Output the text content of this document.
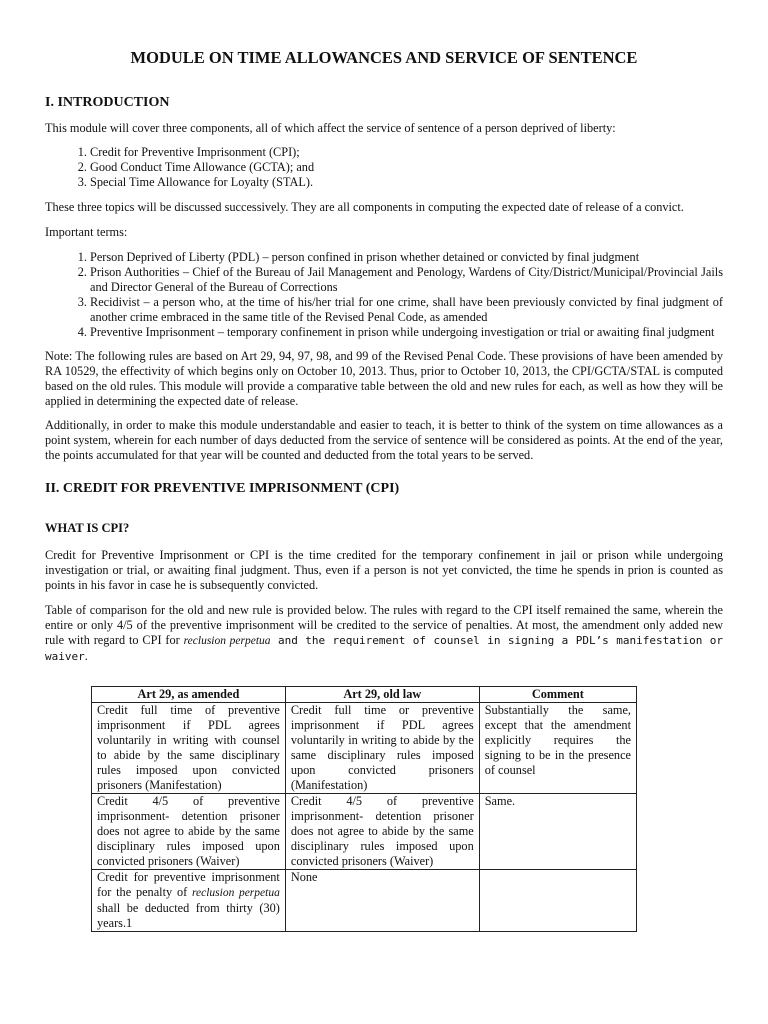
MODULE ON TIME ALLOWANCES AND SERVICE OF SENTENCE
I. INTRODUCTION

This module will cover three components, all of which affect the service of sentence of a person deprived of liberty:

1. Credit for Preventive Imprisonment (CPI);
2. Good Conduct Time Allowance (GCTA); and
3. Special Time Allowance for Loyalty (STAL).

These three topics will be discussed successively. They are all components in computing the expected date of release of a convict.

Important terms:

1. Person Deprived of Liberty (PDL) – person confined in prison whether detained or convicted by final judgment
2. Prison Authorities – Chief of the Bureau of Jail Management and Penology, Wardens of City/District/Municipal/Provincial Jails and Director General of the Bureau of Corrections
3. Recidivist – a person who, at the time of his/her trial for one crime, shall have been previously convicted by final judgment of another crime embraced in the same title of the Revised Penal Code, as amended
4. Preventive Imprisonment – temporary confinement in prison while undergoing investigation or trial or awaiting final judgment

Note: The following rules are based on Art 29, 94, 97, 98, and 99 of the Revised Penal Code. These provisions of have been amended by RA 10529, the effectivity of which begins only on October 10, 2013. Thus, prior to October 10, 2013, the CPI/GCTA/STAL is computed based on the old rules. This module will provide a comparative table between the old and new rules for each, as well as how they will be applied in determining the expected date of release.

Additionally, in order to make this module understandable and easier to teach, it is better to think of the system on time allowances as a point system, wherein for each number of days deducted from the service of sentence will be considered as points. At the end of the year, the points accumulated for that year will be counted and deducted from the total years to be served.

II. CREDIT FOR PREVENTIVE IMPRISONMENT (CPI)
WHAT IS CPI?

Credit for Preventive Imprisonment or CPI is the time credited for the temporary confinement in jail or prison while undergoing investigation or trial, or awaiting final judgment. Thus, even if a person is not yet convicted, the time he spends in prion is counted as points in his favor in case he is subsequently convicted.

Table of comparison for the old and new rule is provided below. The rules with regard to the CPI itself remained the same, wherein the entire or only 4/5 of the preventive imprisonment will be credited to the service of penalties. At most, the amendment only added new rule with regard to CPI for reclusion perpetua and the requirement of counsel in signing a PDL’s manifestation or waiver.

Art 29, as amended	Art 29, old law	Comment
Credit full time of preventive imprisonment if PDL agrees voluntarily in writing with counsel to abide by the same disciplinary rules imposed upon convicted prisoners (Manifestation)	Credit full time or preventive imprisonment if PDL agrees voluntarily in writing to abide by the same disciplinary rules imposed upon convicted prisoners (Manifestation)	Substantially the same, except that the amendment explicitly requires the signing to be in the presence of counsel
Credit 4/5 of preventive imprisonment- detention prisoner does not agree to abide by the same disciplinary rules imposed upon convicted prisoners (Waiver)	Credit 4/5 of preventive imprisonment- detention prisoner does not agree to abide by the same disciplinary rules imposed upon convicted prisoners (Waiver)	Same.
Credit for preventive imprisonment for the penalty of reclusion perpetua shall be deducted from thirty (30) years.1	None	
